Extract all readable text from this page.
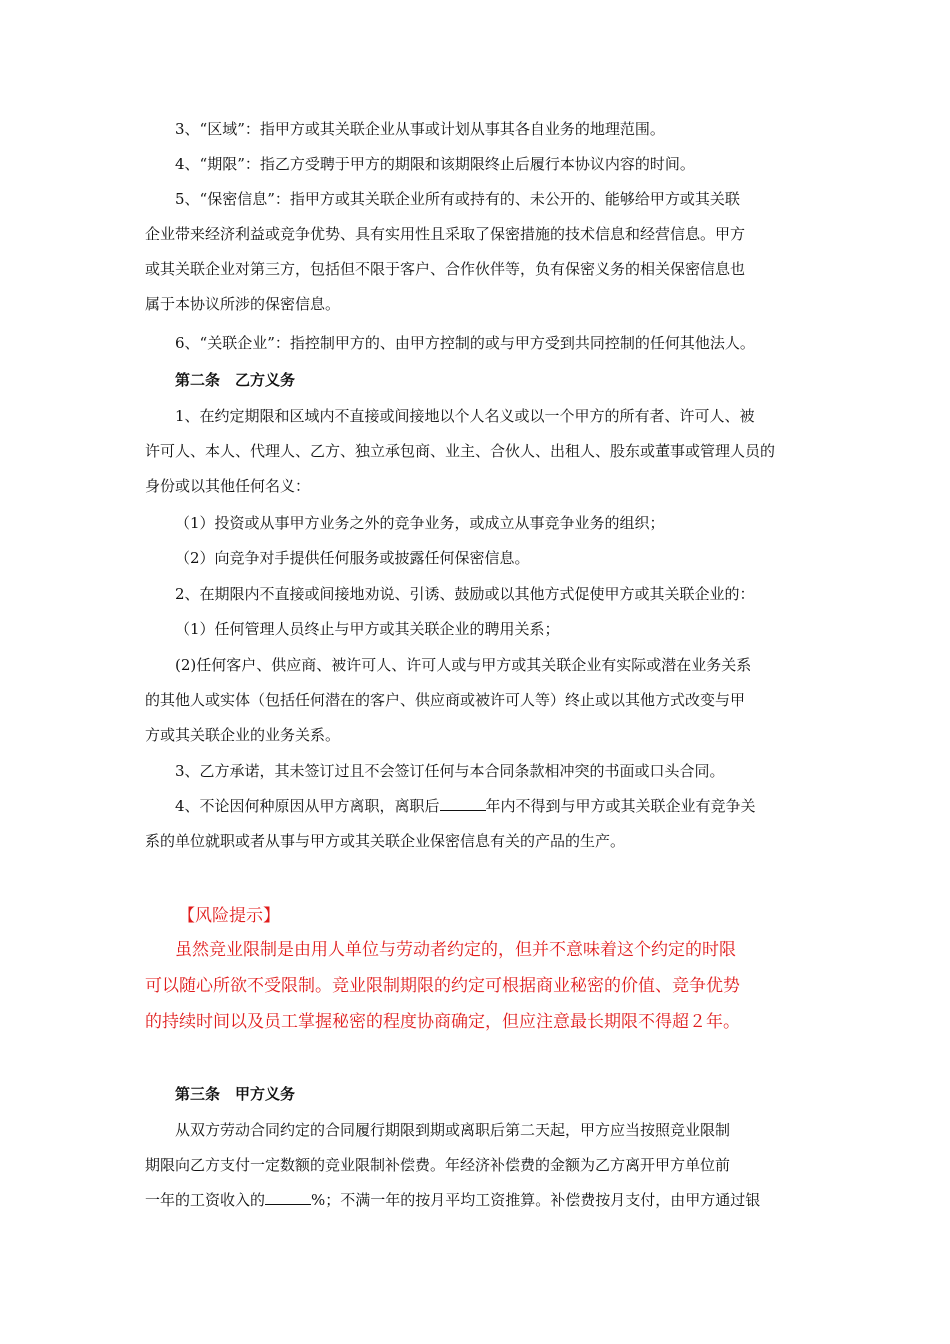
3、“区域”：指甲方或其关联企业从事或计划从事其各自业务的地理范围。

4、“期限”：指乙方受聘于甲方的期限和该期限终止后履行本协议内容的时间。

5、“保密信息”：指甲方或其关联企业所有或持有的、未公开的、能够给甲方或其关联

企业带来经济利益或竞争优势、具有实用性且采取了保密措施的技术信息和经营信息。甲方

或其关联企业对第三方，包括但不限于客户、合作伙伴等，负有保密义务的相关保密信息也

属于本协议所涉的保密信息。

6、“关联企业”：指控制甲方的、由甲方控制的或与甲方受到共同控制的任何其他法人。

第二条　乙方义务

1、在约定期限和区域内不直接或间接地以个人名义或以一个甲方的所有者、许可人、被

许可人、本人、代理人、乙方、独立承包商、业主、合伙人、出租人、股东或董事或管理人员的

身份或以其他任何名义：

（1）投资或从事甲方业务之外的竞争业务，或成立从事竞争业务的组织；

（2）向竞争对手提供任何服务或披露任何保密信息。

2、在期限内不直接或间接地劝说、引诱、鼓励或以其他方式促使甲方或其关联企业的：

（1）任何管理人员终止与甲方或其关联企业的聘用关系；

(2)任何客户、供应商、被许可人、许可人或与甲方或其关联企业有实际或潜在业务关系

的其他人或实体（包括任何潜在的客户、供应商或被许可人等）终止或以其他方式改变与甲

方或其关联企业的业务关系。

3、乙方承诺，其未签订过且不会签订任何与本合同条款相冲突的书面或口头合同。

4、不论因何种原因从甲方离职，离职后	年内不得到与甲方或其关联企业有竞争关

系的单位就职或者从事与甲方或其关联企业保密信息有关的产品的生产。

【风险提示】

虽然竞业限制是由用人单位与劳动者约定的，但并不意味着这个约定的时限

可以随心所欲不受限制。竞业限制期限的约定可根据商业秘密的价值、竞争优势

的持续时间以及员工掌握秘密的程度协商确定，但应注意最长期限不得超２年。

第三条　甲方义务

从双方劳动合同约定的合同履行期限到期或离职后第二天起，甲方应当按照竞业限制

期限向乙方支付一定数额的竞业限制补偿费。年经济补偿费的金额为乙方离开甲方单位前

一年的工资收入的	%；不满一年的按月平均工资推算。补偿费按月支付，由甲方通过银
